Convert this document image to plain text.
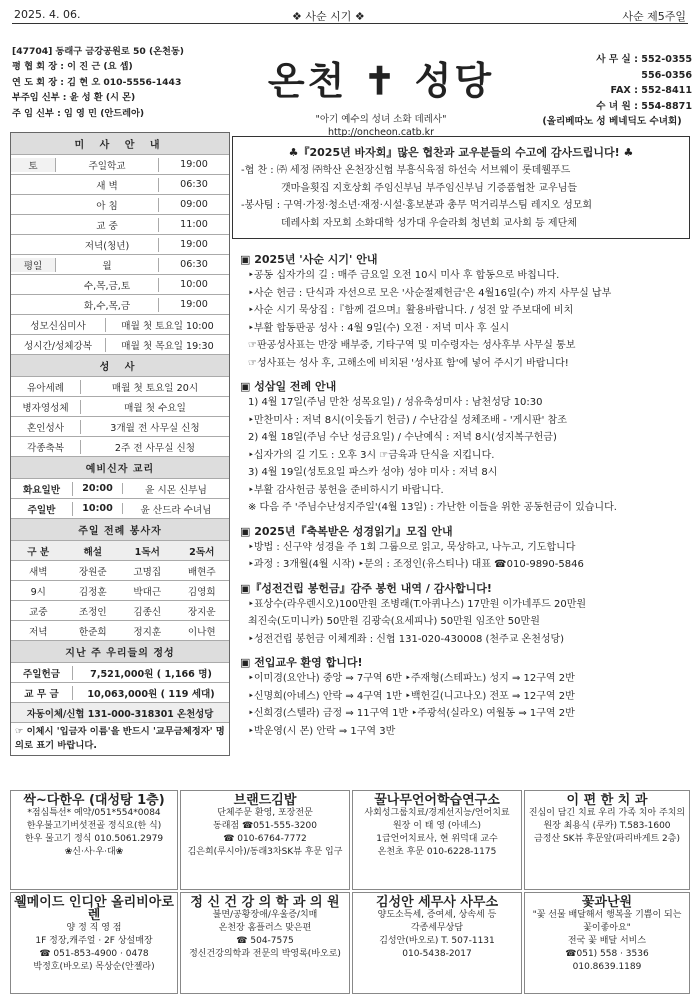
2025. 4. 06.	❖ 사순 시기 ❖	사순 제5주일
[47704] 동래구 금강공원로 50 (온천동)
평 협 회 장 : 이 진 근 (요 셉)
연 도 회 장 : 김 현 오 010-5556-1443
부주임 신부 : 윤 성 환 (시 몬)
주 임 신부 : 임 영 민 (안드레아)
온천 ✝ 성당
"아기 예수의 성녀 소화 데레사"
http://oncheon.catb.kr
사 무 실 : 552-0355
556-0356
FAX : 552-8411
수 녀 원 : 554-8871
(올리베따노 성 베네딕도 수녀회)
미 사 안 내
토	주일학교	19:00
새 벽	06:30
아 침	09:00
교 중	11:00
저녁(청년)	19:00
평일	월	06:30
수,목,금,토	10:00
화,수,목,금	19:00
성모신심미사	매월 첫 토요일 10:00
성시간/성체강복	매월 첫 목요일 19:30
성 사
유아세례	매월 첫 토요일 20시
병자영성체	매월 첫 수요일
혼인성사	3개월 전 사무실 신청
각종축복	2주 전 사무실 신청
예비신자 교리
화요일반	20:00	윤 시몬 신부님
주일반	10:00	윤 산드라 수녀님
주일 전례 봉사자
구 분	해설	1독서	2독서
새벽	장원준	고명집	배현주
9시	김정훈	박대근	김영희
교중	조정인	김종신	장지운
저녁	한준희	정지훈	이나현
지난 주 우리들의 정성
주일헌금	7,521,000원 ( 1,166 명)
교 무 금	10,063,000원 ( 119 세대)
자동이체/신협 131-000-318301 온천성당
☞ 이체시 '입금자 이름'을 반드시 '교무금체정자' 명의로 표기 바랍니다.
♣『2025년 바자회』많은 협찬과 교우분들의 수고에 감사드립니다! ♣
-협 찬 : ㈜ 세정 ㈜학산 온천장신협 부흥식육점 하선숙 서브웨이 롯데웰푸드
갯마을횟집 지호상회 주임신부님 부주임신부님 기증품협찬 교우님들
-봉사팀 : 구역·가정·청소년·재정·시설·홍보분과 총무 먹거리부스팀 레지오 성모회
데레사회 자모회 소화대학 성가대 우슬라회 청년회 교사회 등 제단체
▣ 2025년 '사순 시기' 안내
‣공동 십자가의 길 : 매주 금요일 오전 10시 미사 후 합동으로 바칩니다.
‣사순 헌금 : 단식과 자선으로 모은 '사순절제헌금'은 4월16일(수) 까지 사무실 납부
‣사순 시기 묵상집 :『함께 걸으며』활용바랍니다. / 성전 앞 주보대에 비치
‣부활 합동판공 성사 : 4월 9일(수) 오전 · 저녁 미사 후 실시
☞판공성사표는 반장 배부중, 기타구역 및 미수령자는 성사후부 사무실 통보
☞성사표는 성사 후, 고해소에 비치된 '성사표 함'에 넣어 주시기 바랍니다!
▣ 성삼일 전례 안내
1) 4월 17일(주님 만찬 성목요일) / 성유축성미사 : 남천성당 10:30
‣만찬미사 : 저녁 8시(이웃돕기 헌금) / 수난감실 성체조배 - '게시판' 참조
2) 4월 18일(주님 수난 성금요일) / 수난예식 : 저녁 8시(성지복구헌금)
‣십자가의 길 기도 : 오후 3시 ☞금육과 단식을 지킵니다.
3) 4월 19일(성토요일 파스카 성야) 성야 미사 : 저녁 8시
‣부활 감사헌금 봉헌을 준비하시기 바랍니다.
※ 다음 주 '주님수난성지주일'(4월 13일) : 가난한 이들을 위한 공동헌금이 있습니다.
▣ 2025년『축복받은 성경읽기』모집 안내
‣방법 : 신구약 성경을 주 1회 그룹으로 읽고, 묵상하고, 나누고, 기도합니다
‣과정 : 3개월(4월 시작) ‣문의 : 조정인(유스티나) 대표 ☎010-9890-5846
▣『성전건립 봉헌금』감주 봉헌 내역 / 감사합니다!
‣표상수(라우렌시오)100만원 조병래(T.아퀴나스) 17만원 이가네푸드 20만원
최진숙(도미니카) 50만원 김광숙(요세피나) 50만원 임조안 50만원
‣성전건립 봉헌금 이체계좌 : 신협 131-020-430008 (천주교 온천성당)
▣ 전입교우 환영 합니다!
‣이미경(요안나) 중앙 ⇒ 7구역 6반 ‣주재형(스테파노) 성지 ⇒ 12구역 2반
‣신명희(아녜스) 안락 ⇒ 4구역 1반 ‣백헌길(니고나오) 전포 ⇒ 12구역 2반
‣신희경(스텔라) 금정 ⇒ 11구역 1반 ‣주광석(실라오) 여월동 ⇒ 1구역 2반
‣박운영(시 몬) 안락 ⇒ 1구역 3반
싹~다한우 (대성탕 1층)
*점심특선* 예약/051*554*0084
한우불고기버섯전골 정식요(한 식)
한우 물고기 정식 010.5061.2979
❀신·사·우·대❀
브랜드김밥
단체주문 환영, 포장전문
동래점 ☎051-555-3200
☎ 010-6764-7772
김은희(루시아)/동래3차SK뷰 후문 입구
꿀나무언어학습연구소
사회성그룹치료/경계선지능/언어치료
원장 이 태 영 (아녜스)
1급언어치료사, 현 위덕대 교수
온천초 후문 010-6228-1175
이 편 한 치 과
진심이 담긴 치료 우리 가족 치아 주치의
원장 최용식 (루카) T.583-1600
금정산 SK뷰 후문앞(파리바게트 2층)
웰메이드 인디안 올리비아로렌
양 정 직 영 점
1F 정장,캐주얼 · 2F 상설매장
☎ 051-853-4900 · 0478
박정호(바오로) 목상순(안젤라)
정 신 건 강 의 학 과 의 원
불면/공황장애/우울증/치매
온천장 홈플러스 맞은편
☎ 504-7575
정신건강의학과 전문의 박영록(바오로)
김성안 세무사 사무소
양도소득세, 증여세, 상속세 등
각종세무상담
김성안(바오로) T. 507-1131
010-5438-2017
꽃과난원
"꽃 선물 배달해서 행복을 기쁨이 되는 꽃이좋아요"
전국 꽃 배달 서비스
☎051) 558 · 3536
010.8639.1189
